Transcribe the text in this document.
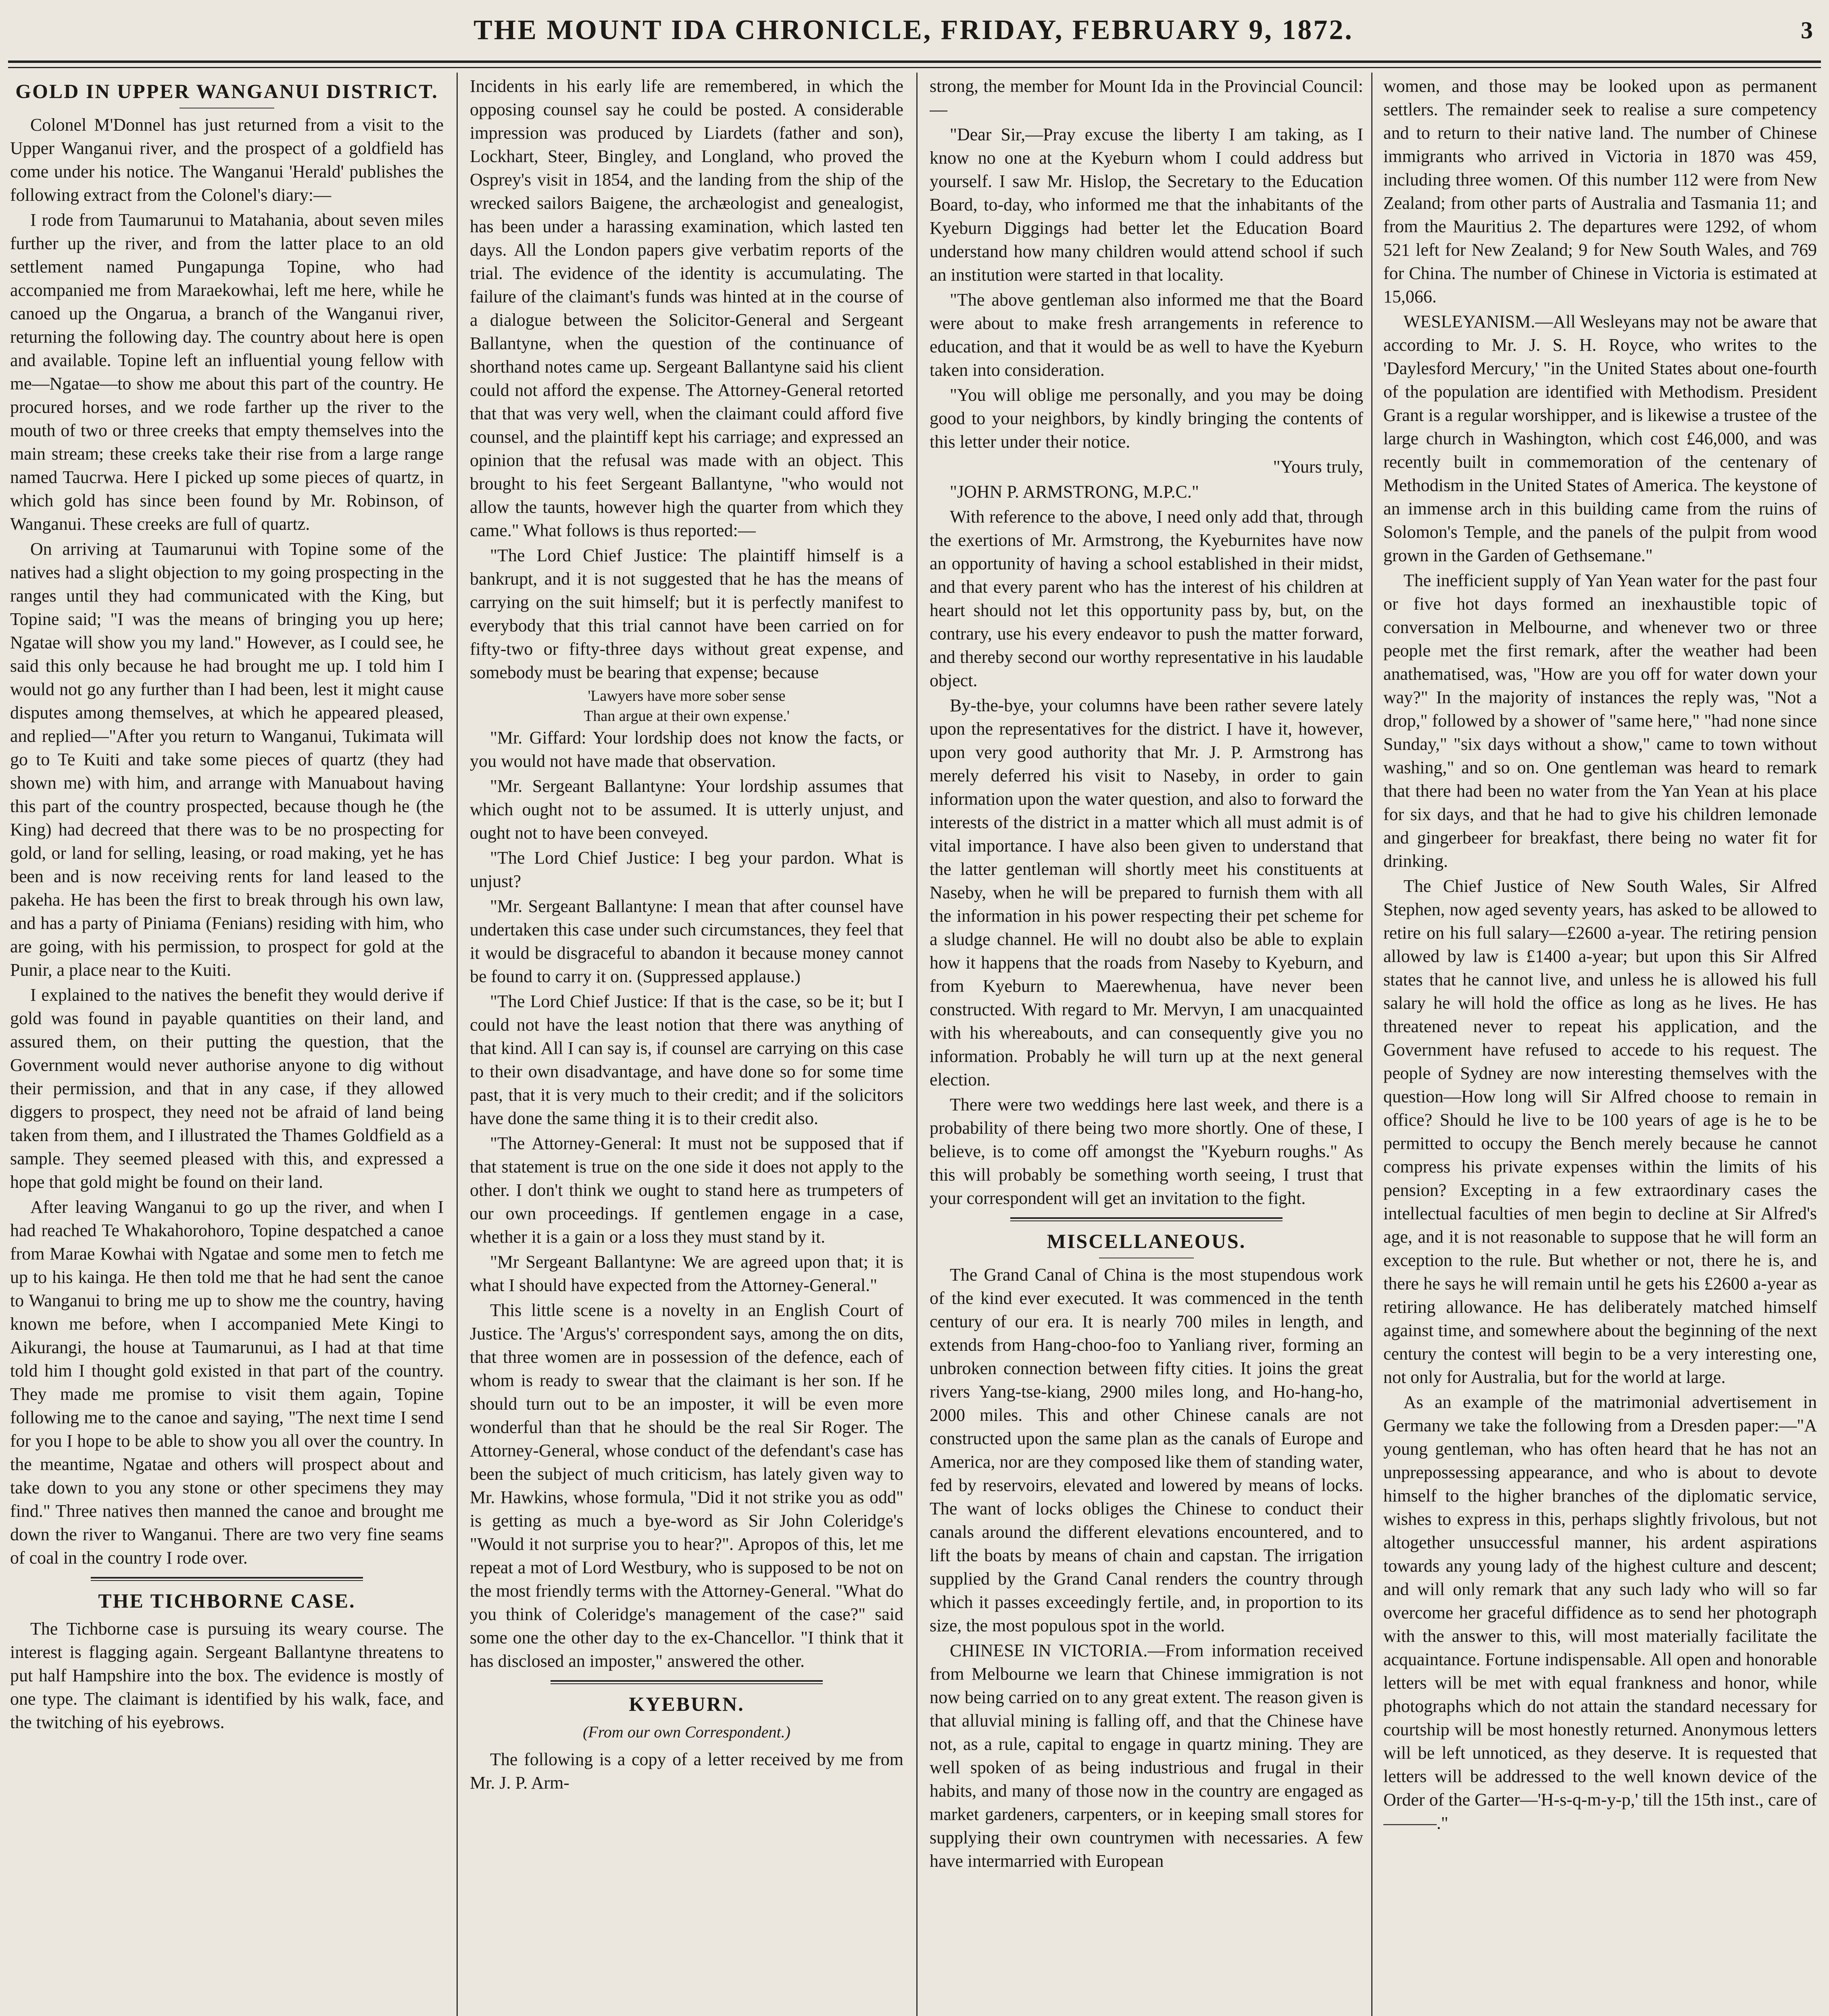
THE MOUNT IDA CHRONICLE, FRIDAY, FEBRUARY 9, 1872.	3
GOLD IN UPPER WANGANUI DISTRICT.

Colonel M'Donnel has just returned from a visit to the Upper Wanganui river, and the prospect of a goldfield has come under his notice. The Wanganui 'Herald' publishes the following extract from the Colonel's diary:—

I rode from Taumarunui to Matahania, about seven miles further up the river, and from the latter place to an old settlement named Pungapunga Topine, who had accompanied me from Maraekowhai, left me here, while he canoed up the Ongarua, a branch of the Wanganui river, returning the following day. The country about here is open and available. Topine left an influential young fellow with me—Ngatae—to show me about this part of the country. He procured horses, and we rode farther up the river to the mouth of two or three creeks that empty themselves into the main stream; these creeks take their rise from a large range named Taucrwa. Here I picked up some pieces of quartz, in which gold has since been found by Mr. Robinson, of Wanganui. These creeks are full of quartz.

On arriving at Taumarunui with Topine some of the natives had a slight objection to my going prospecting in the ranges until they had communicated with the King, but Topine said; "I was the means of bringing you up here; Ngatae will show you my land." However, as I could see, he said this only because he had brought me up. I told him I would not go any further than I had been, lest it might cause disputes among themselves, at which he appeared pleased, and replied—"After you return to Wanganui, Tukimata will go to Te Kuiti and take some pieces of quartz (they had shown me) with him, and arrange with Manuabout having this part of the country prospected, because though he (the King) had decreed that there was to be no prospecting for gold, or land for selling, leasing, or road making, yet he has been and is now receiving rents for land leased to the pakeha. He has been the first to break through his own law, and has a party of Piniama (Fenians) residing with him, who are going, with his permission, to prospect for gold at the Punir, a place near to the Kuiti.

I explained to the natives the benefit they would derive if gold was found in payable quantities on their land, and assured them, on their putting the question, that the Government would never authorise anyone to dig without their permission, and that in any case, if they allowed diggers to prospect, they need not be afraid of land being taken from them, and I illustrated the Thames Goldfield as a sample. They seemed pleased with this, and expressed a hope that gold might be found on their land.

After leaving Wanganui to go up the river, and when I had reached Te Whakahorohoro, Topine despatched a canoe from Marae Kowhai with Ngatae and some men to fetch me up to his kainga. He then told me that he had sent the canoe to Wanganui to bring me up to show me the country, having known me before, when I accompanied Mete Kingi to Aikurangi, the house at Taumarunui, as I had at that time told him I thought gold existed in that part of the country. They made me promise to visit them again, Topine following me to the canoe and saying, "The next time I send for you I hope to be able to show you all over the country. In the meantime, Ngatae and others will prospect about and take down to you any stone or other specimens they may find." Three natives then manned the canoe and brought me down the river to Wanganui. There are two very fine seams of coal in the country I rode over.

THE TICHBORNE CASE.

The Tichborne case is pursuing its weary course. The interest is flagging again. Sergeant Ballantyne threatens to put half Hampshire into the box. The evidence is mostly of one type. The claimant is identified by his walk, face, and the twitching of his eyebrows.

Incidents in his early life are remembered, in which the opposing counsel say he could be posted. A considerable impression was produced by Liardets (father and son), Lockhart, Steer, Bingley, and Longland, who proved the Osprey's visit in 1854, and the landing from the ship of the wrecked sailors Baigene, the archæologist and genealogist, has been under a harassing examination, which lasted ten days. All the London papers give verbatim reports of the trial. The evidence of the identity is accumulating. The failure of the claimant's funds was hinted at in the course of a dialogue between the Solicitor-General and Sergeant Ballantyne, when the question of the continuance of shorthand notes came up. Sergeant Ballantyne said his client could not afford the expense. The Attorney-General retorted that that was very well, when the claimant could afford five counsel, and the plaintiff kept his carriage; and expressed an opinion that the refusal was made with an object. This brought to his feet Sergeant Ballantyne, "who would not allow the taunts, however high the quarter from which they came." What follows is thus reported:—

"The Lord Chief Justice: The plaintiff himself is a bankrupt, and it is not suggested that he has the means of carrying on the suit himself; but it is perfectly manifest to everybody that this trial cannot have been carried on for fifty-two or fifty-three days without great expense, and somebody must be bearing that expense; because

'Lawyers have more sober sense
Than argue at their own expense.'

"Mr. Giffard: Your lordship does not know the facts, or you would not have made that observation.

"Mr. Sergeant Ballantyne: Your lordship assumes that which ought not to be assumed. It is utterly unjust, and ought not to have been conveyed.

"The Lord Chief Justice: I beg your pardon. What is unjust?

"Mr. Sergeant Ballantyne: I mean that after counsel have undertaken this case under such circumstances, they feel that it would be disgraceful to abandon it because money cannot be found to carry it on. (Suppressed applause.)

"The Lord Chief Justice: If that is the case, so be it; but I could not have the least notion that there was anything of that kind. All I can say is, if counsel are carrying on this case to their own disadvantage, and have done so for some time past, that it is very much to their credit; and if the solicitors have done the same thing it is to their credit also.

"The Attorney-General: It must not be supposed that if that statement is true on the one side it does not apply to the other. I don't think we ought to stand here as trumpeters of our own proceedings. If gentlemen engage in a case, whether it is a gain or a loss they must stand by it.

"Mr Sergeant Ballantyne: We are agreed upon that; it is what I should have expected from the Attorney-General."

This little scene is a novelty in an English Court of Justice. The 'Argus's' correspondent says, among the on dits, that three women are in possession of the defence, each of whom is ready to swear that the claimant is her son. If he should turn out to be an imposter, it will be even more wonderful than that he should be the real Sir Roger. The Attorney-General, whose conduct of the defendant's case has been the subject of much criticism, has lately given way to Mr. Hawkins, whose formula, "Did it not strike you as odd" is getting as much a bye-word as Sir John Coleridge's "Would it not surprise you to hear?". Apropos of this, let me repeat a mot of Lord Westbury, who is supposed to be not on the most friendly terms with the Attorney-General. "What do you think of Coleridge's management of the case?" said some one the other day to the ex-Chancellor. "I think that it has disclosed an imposter," answered the other.

KYEBURN.
(From our own Correspondent.)

The following is a copy of a letter received by me from Mr. J. P. Arm-

strong, the member for Mount Ida in the Provincial Council:—

"Dear Sir,—Pray excuse the liberty I am taking, as I know no one at the Kyeburn whom I could address but yourself. I saw Mr. Hislop, the Secretary to the Education Board, to-day, who informed me that the inhabitants of the Kyeburn Diggings had better let the Education Board understand how many children would attend school if such an institution were started in that locality.

"The above gentleman also informed me that the Board were about to make fresh arrangements in reference to education, and that it would be as well to have the Kyeburn taken into consideration.

"You will oblige me personally, and you may be doing good to your neighbors, by kindly bringing the contents of this letter under their notice.

"Yours truly,

"JOHN P. ARMSTRONG, M.P.C."

With reference to the above, I need only add that, through the exertions of Mr. Armstrong, the Kyeburnites have now an opportunity of having a school established in their midst, and that every parent who has the interest of his children at heart should not let this opportunity pass by, but, on the contrary, use his every endeavor to push the matter forward, and thereby second our worthy representative in his laudable object.

By-the-bye, your columns have been rather severe lately upon the representatives for the district. I have it, however, upon very good authority that Mr. J. P. Armstrong has merely deferred his visit to Naseby, in order to gain information upon the water question, and also to forward the interests of the district in a matter which all must admit is of vital importance. I have also been given to understand that the latter gentleman will shortly meet his constituents at Naseby, when he will be prepared to furnish them with all the information in his power respecting their pet scheme for a sludge channel. He will no doubt also be able to explain how it happens that the roads from Naseby to Kyeburn, and from Kyeburn to Maerewhenua, have never been constructed. With regard to Mr. Mervyn, I am unacquainted with his whereabouts, and can consequently give you no information. Probably he will turn up at the next general election.

There were two weddings here last week, and there is a probability of there being two more shortly. One of these, I believe, is to come off amongst the "Kyeburn roughs." As this will probably be something worth seeing, I trust that your correspondent will get an invitation to the fight.

MISCELLANEOUS.

The Grand Canal of China is the most stupendous work of the kind ever executed. It was commenced in the tenth century of our era. It is nearly 700 miles in length, and extends from Hang-choo-foo to Yanliang river, forming an unbroken connection between fifty cities. It joins the great rivers Yang-tse-kiang, 2900 miles long, and Ho-hang-ho, 2000 miles. This and other Chinese canals are not constructed upon the same plan as the canals of Europe and America, nor are they composed like them of standing water, fed by reservoirs, elevated and lowered by means of locks. The want of locks obliges the Chinese to conduct their canals around the different elevations encountered, and to lift the boats by means of chain and capstan. The irrigation supplied by the Grand Canal renders the country through which it passes exceedingly fertile, and, in proportion to its size, the most populous spot in the world.

CHINESE IN VICTORIA.—From information received from Melbourne we learn that Chinese immigration is not now being carried on to any great extent. The reason given is that alluvial mining is falling off, and that the Chinese have not, as a rule, capital to engage in quartz mining. They are well spoken of as being industrious and frugal in their habits, and many of those now in the country are engaged as market gardeners, carpenters, or in keeping small stores for supplying their own countrymen with necessaries. A few have intermarried with European

women, and those may be looked upon as permanent settlers. The remainder seek to realise a sure competency and to return to their native land. The number of Chinese immigrants who arrived in Victoria in 1870 was 459, including three women. Of this number 112 were from New Zealand; from other parts of Australia and Tasmania 11; and from the Mauritius 2. The departures were 1292, of whom 521 left for New Zealand; 9 for New South Wales, and 769 for China. The number of Chinese in Victoria is estimated at 15,066.

WESLEYANISM.—All Wesleyans may not be aware that according to Mr. J. S. H. Royce, who writes to the 'Daylesford Mercury,' "in the United States about one-fourth of the population are identified with Methodism. President Grant is a regular worshipper, and is likewise a trustee of the large church in Washington, which cost £46,000, and was recently built in commemoration of the centenary of Methodism in the United States of America. The keystone of an immense arch in this building came from the ruins of Solomon's Temple, and the panels of the pulpit from wood grown in the Garden of Gethsemane."

The inefficient supply of Yan Yean water for the past four or five hot days formed an inexhaustible topic of conversation in Melbourne, and whenever two or three people met the first remark, after the weather had been anathematised, was, "How are you off for water down your way?" In the majority of instances the reply was, "Not a drop," followed by a shower of "same here," "had none since Sunday," "six days without a show," came to town without washing," and so on. One gentleman was heard to remark that there had been no water from the Yan Yean at his place for six days, and that he had to give his children lemonade and gingerbeer for breakfast, there being no water fit for drinking.

The Chief Justice of New South Wales, Sir Alfred Stephen, now aged seventy years, has asked to be allowed to retire on his full salary—£2600 a-year. The retiring pension allowed by law is £1400 a-year; but upon this Sir Alfred states that he cannot live, and unless he is allowed his full salary he will hold the office as long as he lives. He has threatened never to repeat his application, and the Government have refused to accede to his request. The people of Sydney are now interesting themselves with the question—How long will Sir Alfred choose to remain in office? Should he live to be 100 years of age is he to be permitted to occupy the Bench merely because he cannot compress his private expenses within the limits of his pension? Excepting in a few extraordinary cases the intellectual faculties of men begin to decline at Sir Alfred's age, and it is not reasonable to suppose that he will form an exception to the rule. But whether or not, there he is, and there he says he will remain until he gets his £2600 a-year as retiring allowance. He has deliberately matched himself against time, and somewhere about the beginning of the next century the contest will begin to be a very interesting one, not only for Australia, but for the world at large.

As an example of the matrimonial advertisement in Germany we take the following from a Dresden paper:—"A young gentleman, who has often heard that he has not an unprepossessing appearance, and who is about to devote himself to the higher branches of the diplomatic service, wishes to express in this, perhaps slightly frivolous, but not altogether unsuccessful manner, his ardent aspirations towards any young lady of the highest culture and descent; and will only remark that any such lady who will so far overcome her graceful diffidence as to send her photograph with the answer to this, will most materially facilitate the acquaintance. Fortune indispensable. All open and honorable letters will be met with equal frankness and honor, while photographs which do not attain the standard necessary for courtship will be most honestly returned. Anonymous letters will be left unnoticed, as they deserve. It is requested that letters will be addressed to the well known device of the Order of the Garter—'H-s-q-m-y-p,' till the 15th inst., care of ———."
